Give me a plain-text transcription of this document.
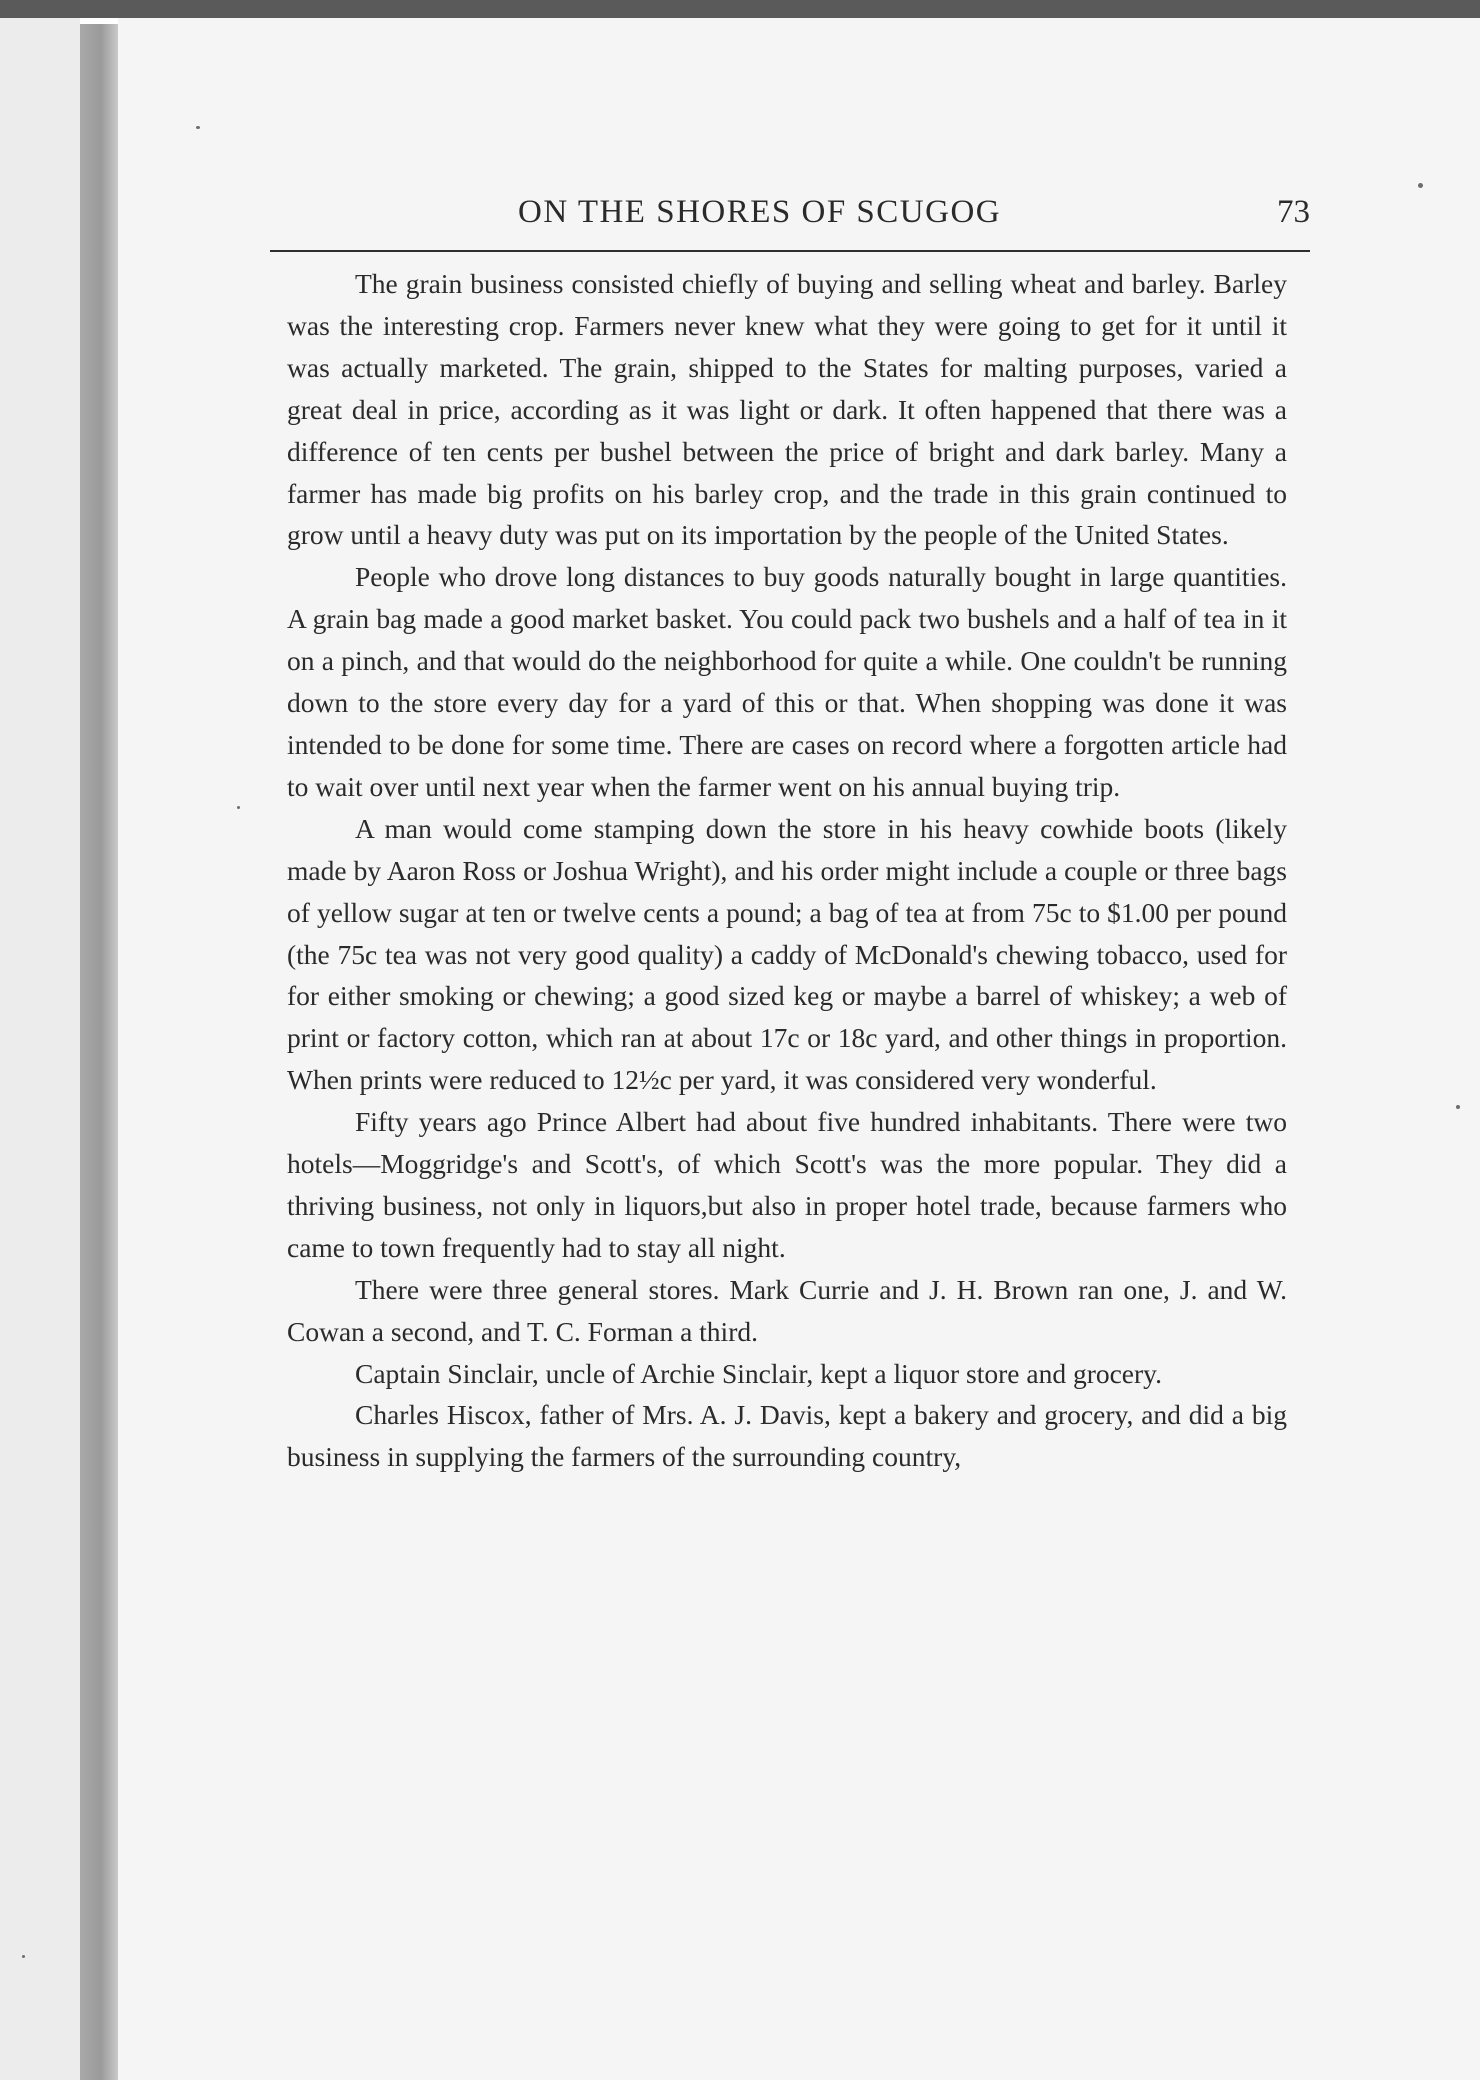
ON THE SHORES OF SCUGOG	73

The grain business consisted chiefly of buying and selling wheat and barley. Barley was the interesting crop. Farmers never knew what they were going to get for it until it was actually marketed. The grain, shipped to the States for malting purposes, varied a great deal in price, according as it was light or dark. It often happened that there was a difference of ten cents per bushel between the price of bright and dark barley. Many a farmer has made big profits on his barley crop, and the trade in this grain continued to grow until a heavy duty was put on its importation by the people of the United States.

People who drove long distances to buy goods naturally bought in large quantities. A grain bag made a good market basket. You could pack two bushels and a half of tea in it on a pinch, and that would do the neighborhood for quite a while. One couldn't be running down to the store every day for a yard of this or that. When shopping was done it was intended to be done for some time. There are cases on record where a forgotten article had to wait over until next year when the farmer went on his annual buying trip.

A man would come stamping down the store in his heavy cowhide boots (likely made by Aaron Ross or Joshua Wright), and his order might include a couple or three bags of yellow sugar at ten or twelve cents a pound; a bag of tea at from 75c to $1.00 per pound (the 75c tea was not very good quality) a caddy of McDonald's chewing tobacco, used for for either smoking or chewing; a good sized keg or maybe a barrel of whiskey; a web of print or factory cotton, which ran at about 17c or 18c yard, and other things in proportion. When prints were reduced to 12½c per yard, it was considered very wonderful.

Fifty years ago Prince Albert had about five hundred inhabitants. There were two hotels—Moggridge's and Scott's, of which Scott's was the more popular. They did a thriving business, not only in liquors,but also in proper hotel trade, because farmers who came to town frequently had to stay all night.

There were three general stores. Mark Currie and J. H. Brown ran one, J. and W. Cowan a second, and T. C. Forman a third.

Captain Sinclair, uncle of Archie Sinclair, kept a liquor store and grocery.

Charles Hiscox, father of Mrs. A. J. Davis, kept a bakery and grocery, and did a big business in supplying the farmers of the surrounding country,
